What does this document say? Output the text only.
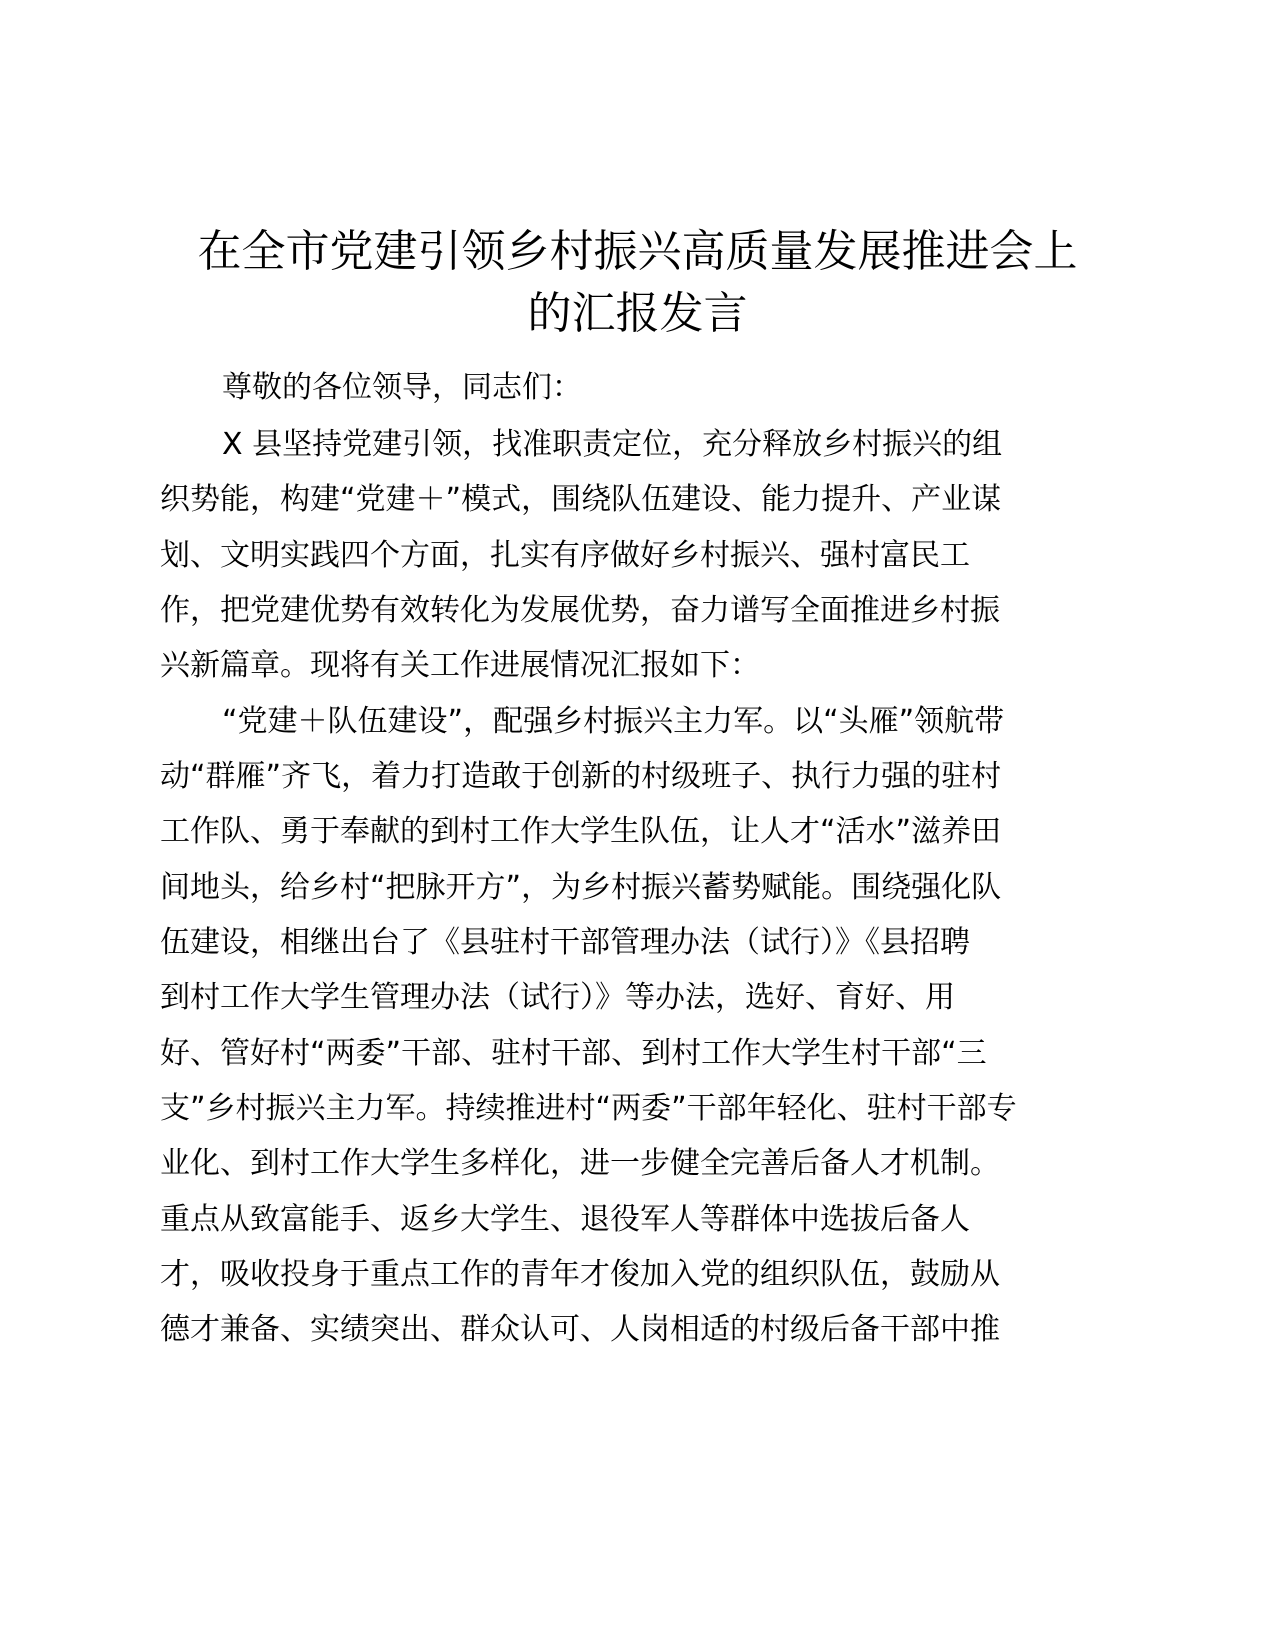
在全市党建引领乡村振兴高质量发展推进会上
的汇报发言

尊敬的各位领导，同志们：

X 县坚持党建引领，找准职责定位，充分释放乡村振兴的组

织势能，构建“党建＋”模式，围绕队伍建设、能力提升、产业谋

划、文明实践四个方面，扎实有序做好乡村振兴、强村富民工

作，把党建优势有效转化为发展优势，奋力谱写全面推进乡村振

兴新篇章。现将有关工作进展情况汇报如下：

“党建＋队伍建设”，配强乡村振兴主力军。以“头雁”领航带

动“群雁”齐飞，着力打造敢于创新的村级班子、执行力强的驻村

工作队、勇于奉献的到村工作大学生队伍，让人才“活水”滋养田

间地头，给乡村“把脉开方”，为乡村振兴蓄势赋能。围绕强化队

伍建设，相继出台了《县驻村干部管理办法（试行）》《县招聘

到村工作大学生管理办法（试行）》等办法，选好、育好、用

好、管好村“两委”干部、驻村干部、到村工作大学生村干部“三

支”乡村振兴主力军。持续推进村“两委”干部年轻化、驻村干部专

业化、到村工作大学生多样化，进一步健全完善后备人才机制。

重点从致富能手、返乡大学生、退役军人等群体中选拔后备人

才，吸收投身于重点工作的青年才俊加入党的组织队伍，鼓励从

德才兼备、实绩突出、群众认可、人岗相适的村级后备干部中推
